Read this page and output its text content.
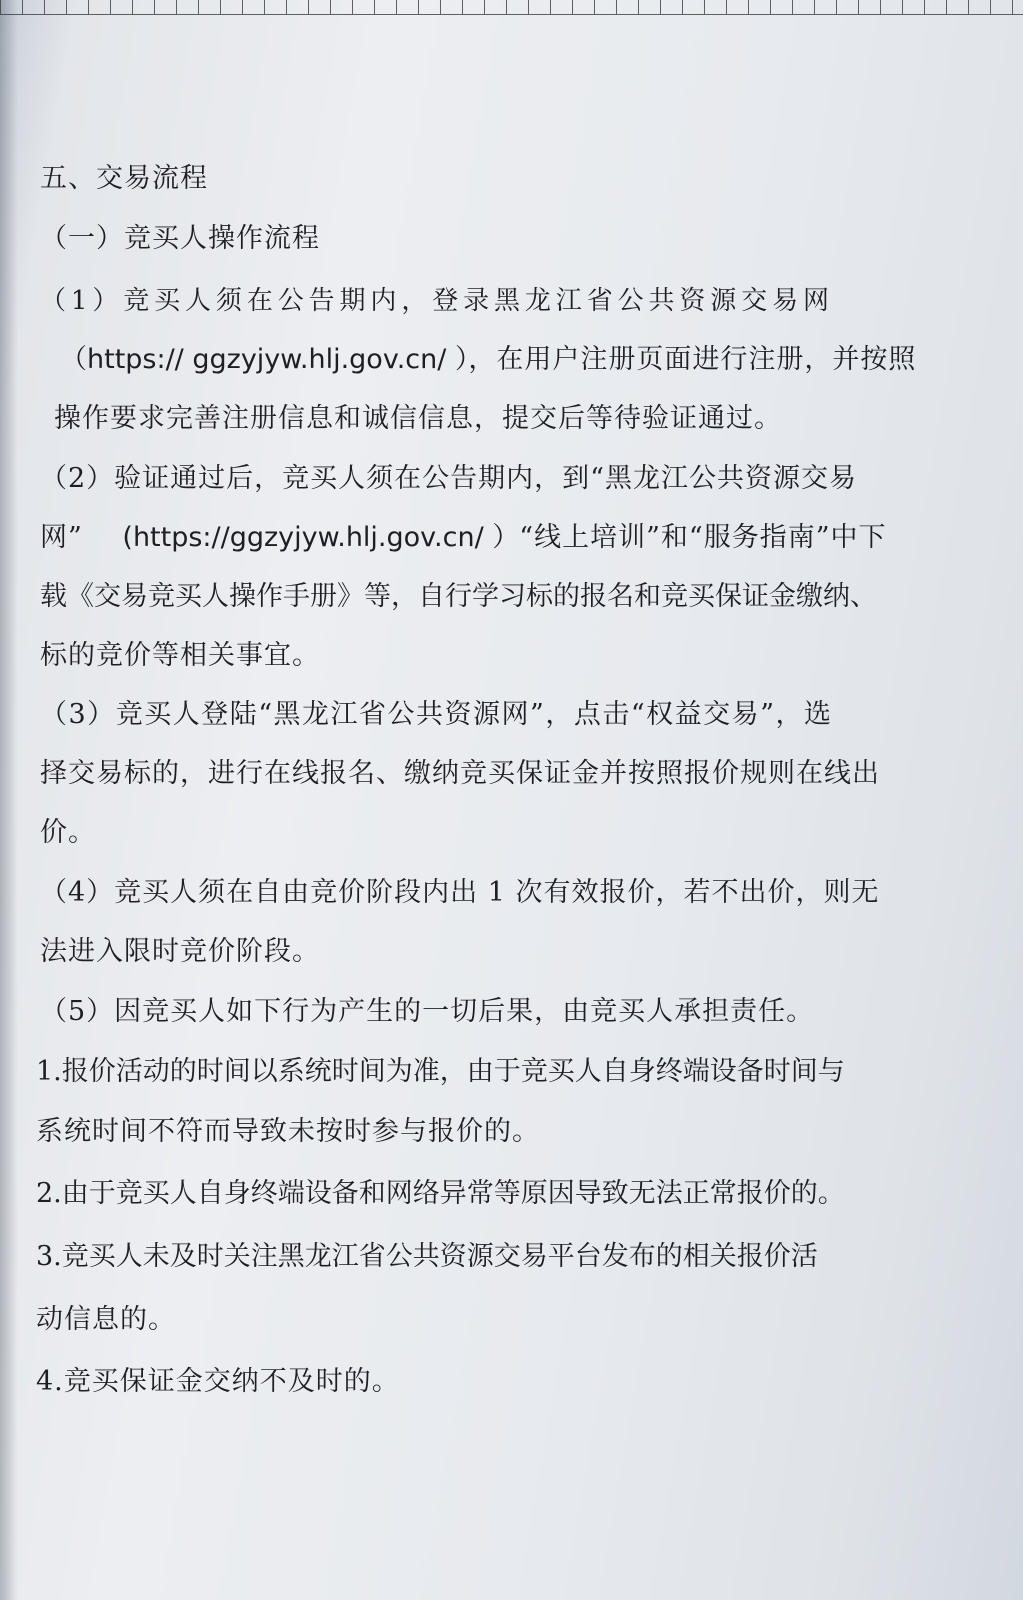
五、交易流程
（一）竞买人操作流程
（1）竞买人须在公告期内，登录黑龙江省公共资源交易网
（https:// ggzyjyw.hlj.gov.cn/ ），在用户注册页面进行注册，并按照
操作要求完善注册信息和诚信信息，提交后等待验证通过。
（2）验证通过后，竞买人须在公告期内，到“黑龙江公共资源交易
网” (https://ggzyjyw.hlj.gov.cn/ ）“线上培训”和“服务指南”中下
载《交易竞买人操作手册》等，自行学习标的报名和竞买保证金缴纳、
标的竞价等相关事宜。
（3）竞买人登陆“黑龙江省公共资源网”，点击“权益交易”，选
择交易标的，进行在线报名、缴纳竞买保证金并按照报价规则在线出
价。
（4）竞买人须在自由竞价阶段内出 1 次有效报价，若不出价，则无
法进入限时竞价阶段。
（5）因竞买人如下行为产生的一切后果，由竞买人承担责任。
1.报价活动的时间以系统时间为准，由于竞买人自身终端设备时间与
系统时间不符而导致未按时参与报价的。
2.由于竞买人自身终端设备和网络异常等原因导致无法正常报价的。
3.竞买人未及时关注黑龙江省公共资源交易平台发布的相关报价活
动信息的。
4.竞买保证金交纳不及时的。
